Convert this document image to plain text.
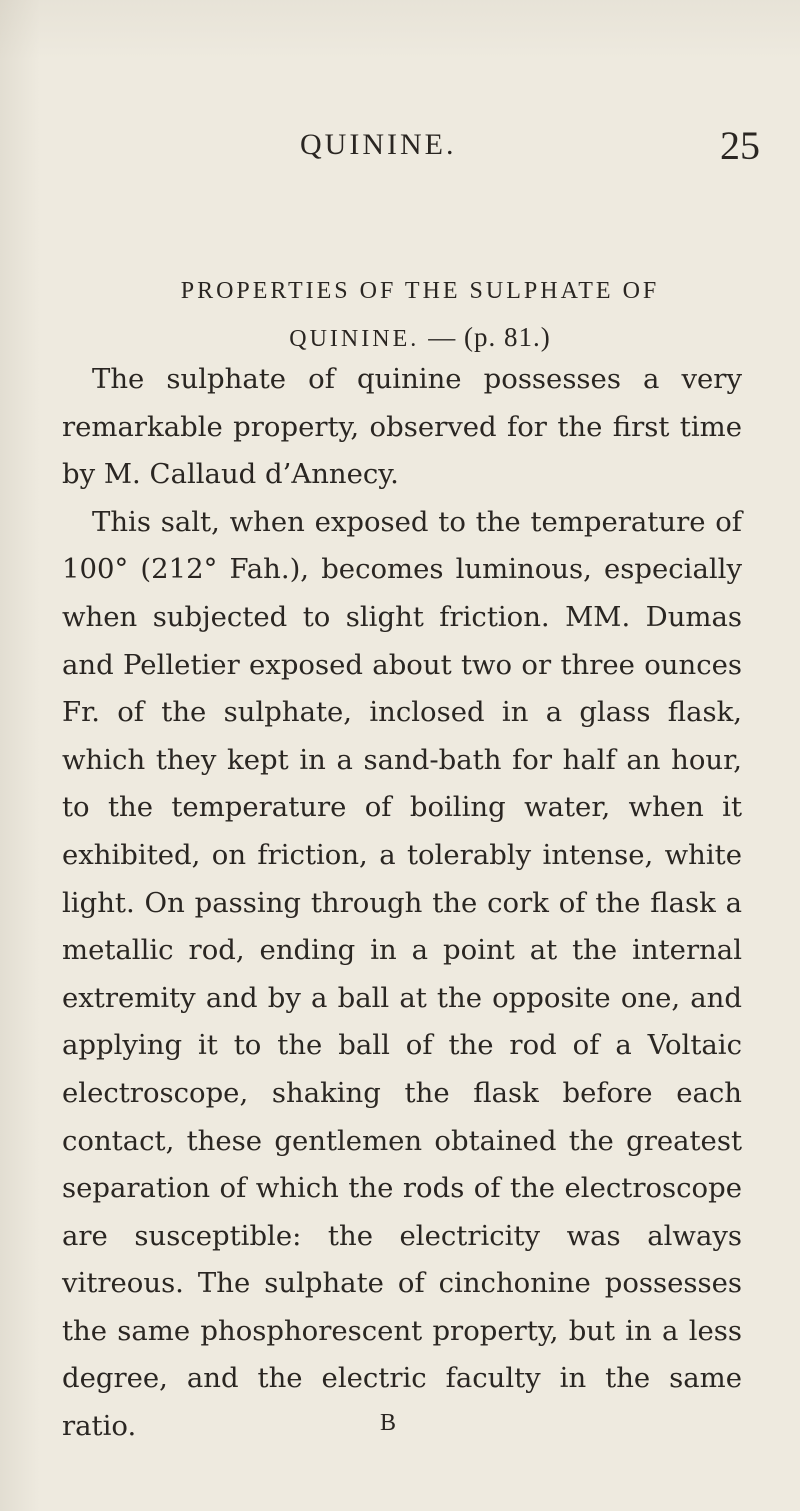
QUININE.	25
PROPERTIES OF THE SULPHATE OF
QUININE. — (p. 81.)

The sulphate of quinine possesses a very remarkable property, observed for the first time by M. Callaud d’Annecy.

This salt, when exposed to the temperature of 100° (212° Fah.), becomes luminous, especially when subjected to slight friction. MM. Dumas and Pelletier exposed about two or three ounces Fr. of the sulphate, inclosed in a glass flask, which they kept in a sand-bath for half an hour, to the temperature of boiling water, when it exhibited, on friction, a tolerably intense, white light. On passing through the cork of the flask a metallic rod, ending in a point at the internal extremity and by a ball at the opposite one, and applying it to the ball of the rod of a Voltaic electroscope, shaking the flask before each contact, these gentlemen obtained the greatest separation of which the rods of the electroscope are susceptible: the electricity was always vitreous. The sulphate of cinchonine possesses the same phosphorescent property, but in a less degree, and the electric faculty in the same ratio.	B
